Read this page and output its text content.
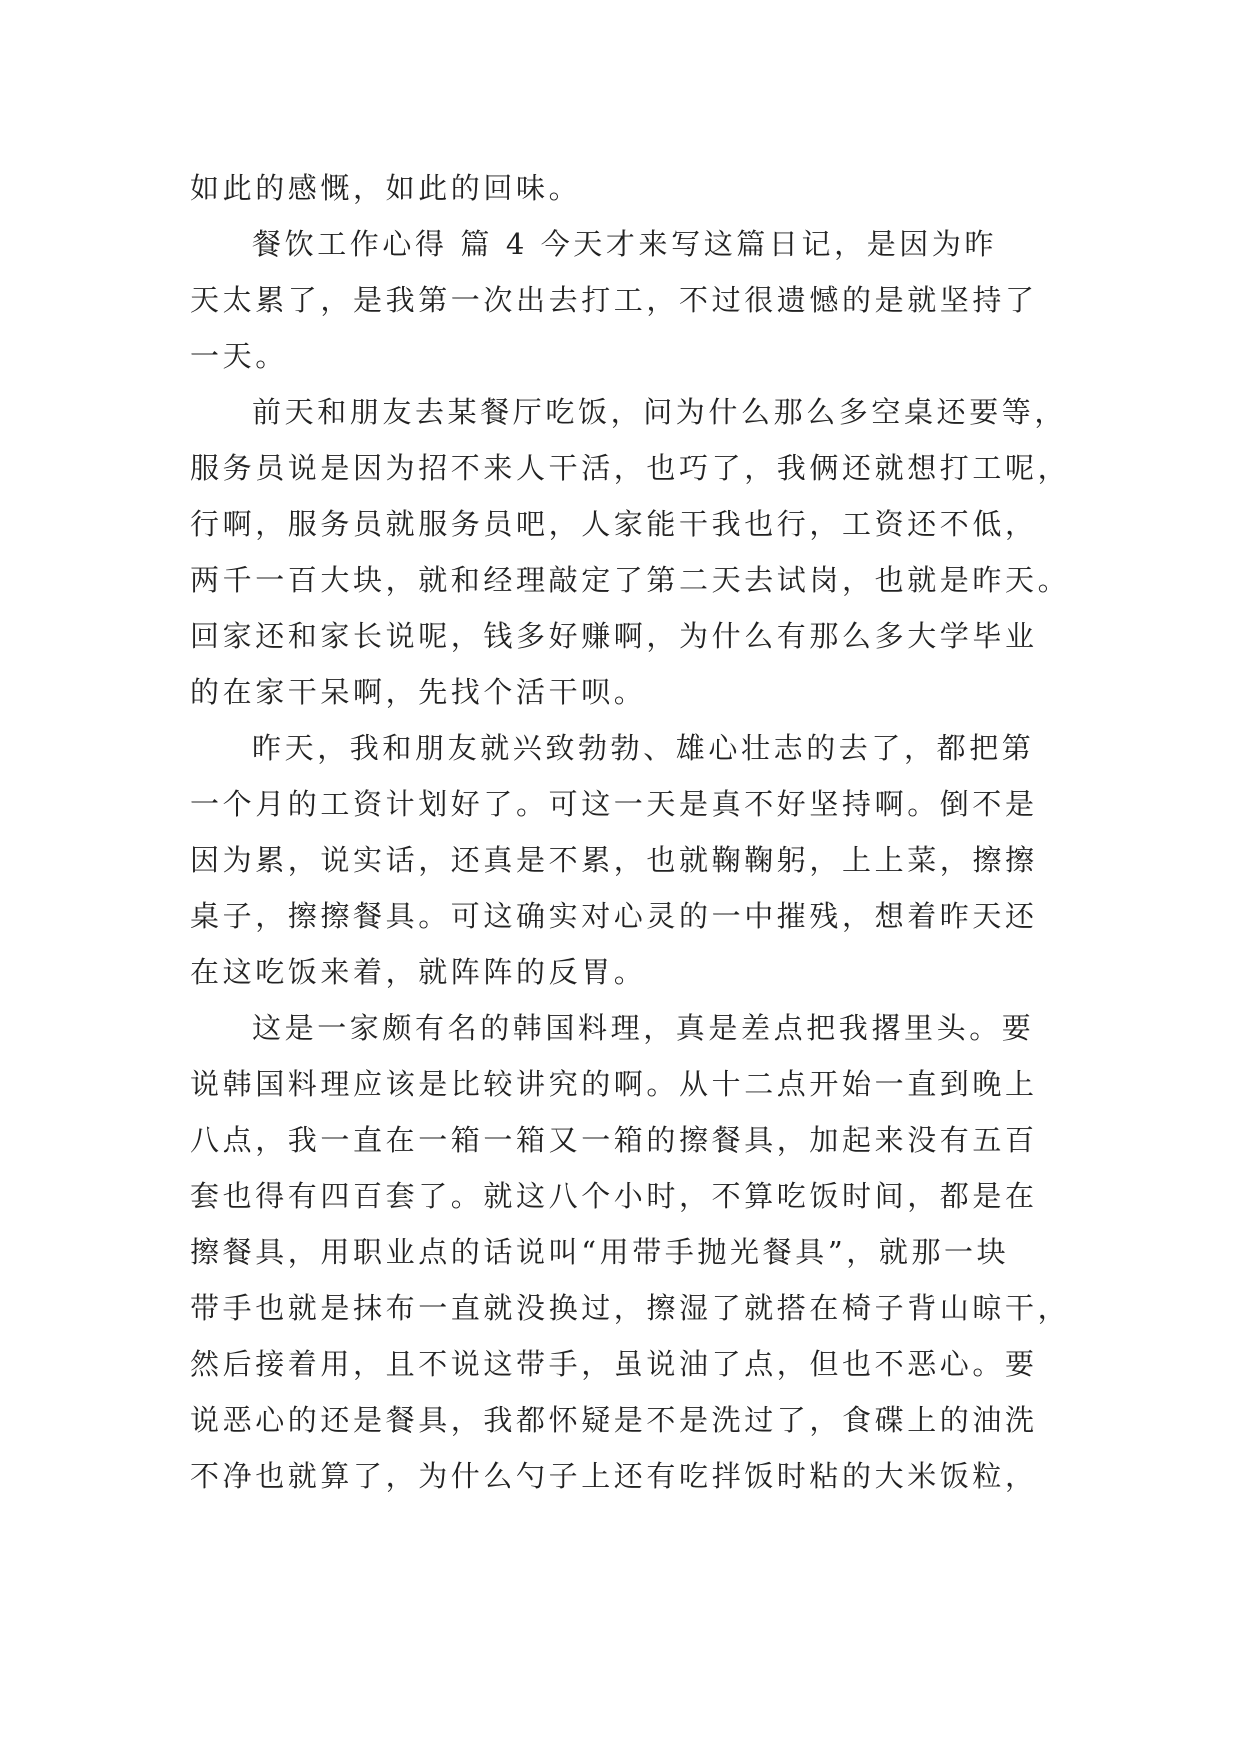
如此的感慨，如此的回味。
餐饮工作心得 篇 4 今天才来写这篇日记，是因为昨
天太累了，是我第一次出去打工，不过很遗憾的是就坚持了
一天。
前天和朋友去某餐厅吃饭，问为什么那么多空桌还要等，
服务员说是因为招不来人干活，也巧了，我俩还就想打工呢，
行啊，服务员就服务员吧，人家能干我也行，工资还不低，
两千一百大块，就和经理敲定了第二天去试岗，也就是昨天。
回家还和家长说呢，钱多好赚啊，为什么有那么多大学毕业
的在家干呆啊，先找个活干呗。
昨天，我和朋友就兴致勃勃、雄心壮志的去了，都把第
一个月的工资计划好了。可这一天是真不好坚持啊。倒不是
因为累，说实话，还真是不累，也就鞠鞠躬，上上菜，擦擦
桌子，擦擦餐具。可这确实对心灵的一中摧残，想着昨天还
在这吃饭来着，就阵阵的反胃。
这是一家颇有名的韩国料理，真是差点把我撂里头。要
说韩国料理应该是比较讲究的啊。从十二点开始一直到晚上
八点，我一直在一箱一箱又一箱的擦餐具，加起来没有五百
套也得有四百套了。就这八个小时，不算吃饭时间，都是在
擦餐具，用职业点的话说叫“用带手抛光餐具”，就那一块
带手也就是抹布一直就没换过，擦湿了就搭在椅子背山晾干，
然后接着用，且不说这带手，虽说油了点，但也不恶心。要
说恶心的还是餐具，我都怀疑是不是洗过了，食碟上的油洗
不净也就算了，为什么勺子上还有吃拌饭时粘的大米饭粒，
